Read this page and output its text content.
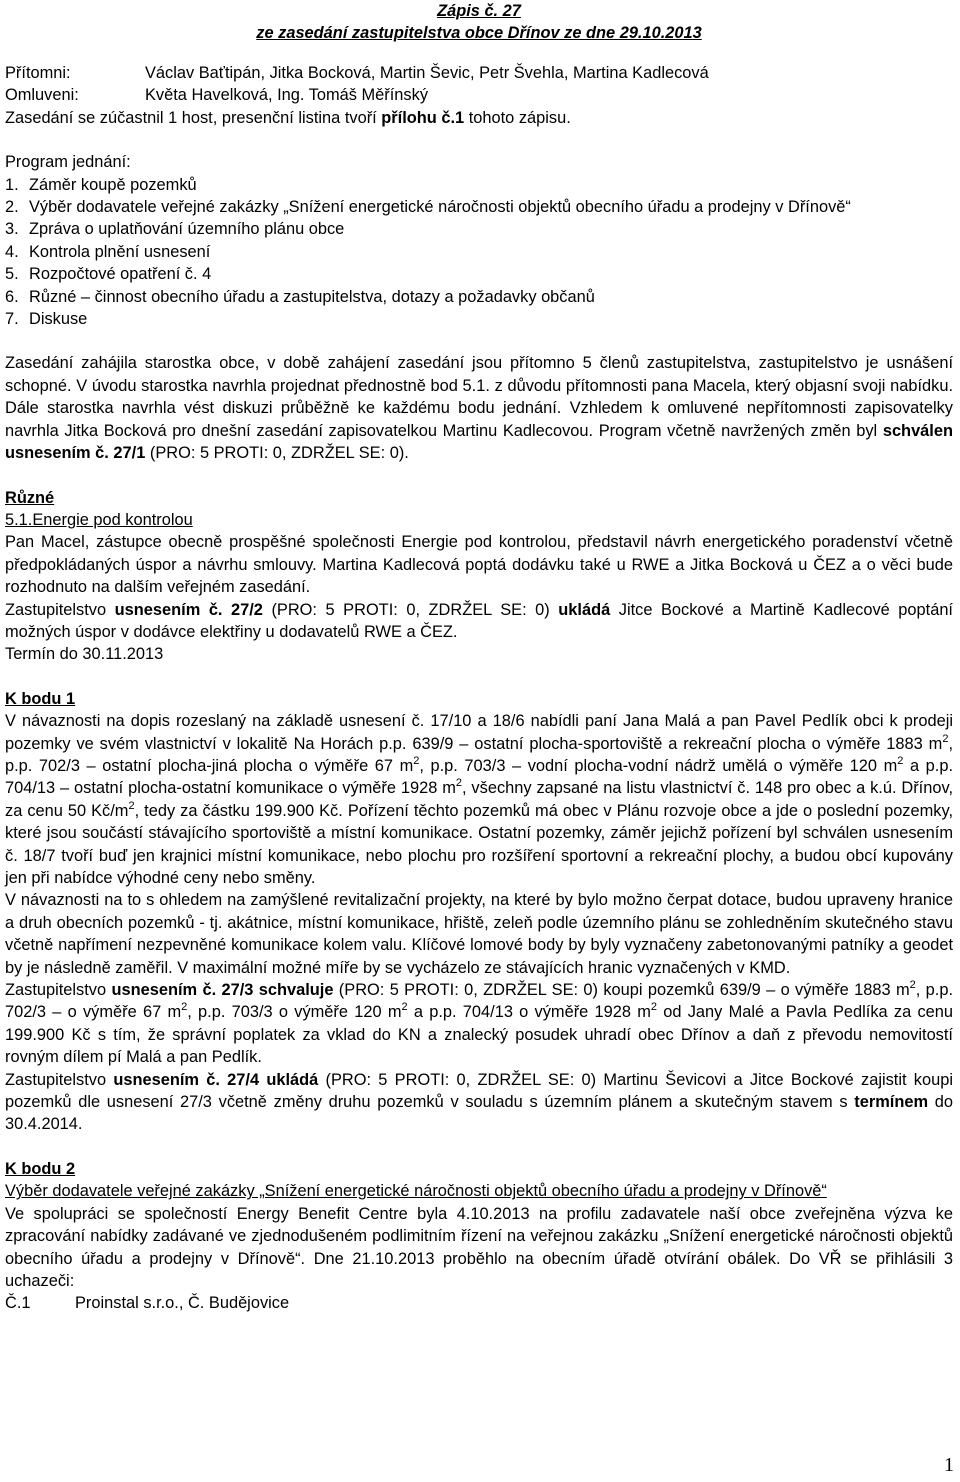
Zápis č. 27
ze zasedání zastupitelstva obce Dřínov ze dne 29.10.2013
Přítomni:	Václav Baťtipán, Jitka Bocková, Martin Ševic, Petr Švehla, Martina Kadlecová
Omluveni:	Květa Havelková, Ing. Tomáš Měřínský
Zasedání se zúčastnil 1 host, presenční listina tvoří přílohu č.1 tohoto zápisu.
Program jednání:
1. Záměr koupě pozemků
2. Výběr dodavatele veřejné zakázky „Snížení energetické náročnosti objektů obecního úřadu a prodejny v Dřínově“
3. Zpráva o uplatňování územního plánu obce
4. Kontrola plnění usnesení
5. Rozpočtové opatření č. 4
6. Různé – činnost obecního úřadu a zastupitelstva, dotazy a požadavky občanů
7. Diskuse
Zasedání zahájila starostka obce, v době zahájení zasedání jsou přítomno 5 členů zastupitelstva, zastupitelstvo je usnášení schopné. V úvodu starostka navrhla projednat přednostně bod 5.1. z důvodu přítomnosti pana Macela, který objasní svoji nabídku. Dále starostka navrhla vést diskuzi průběžně ke každému bodu jednání. Vzhledem k omluvené nepřítomnosti zapisovatelky navrhla Jitka Bocková pro dnešní zasedání zapisovatelkou Martinu Kadlecovou. Program včetně navržených změn byl schválen usnesením č. 27/1 (PRO: 5 PROTI: 0, ZDRŽEL SE: 0).
Různé
5.1.Energie pod kontrolou
Pan Macel, zástupce obecně prospěšné společnosti Energie pod kontrolou, představil návrh energetického poradenství včetně předpokládaných úspor a návrhu smlouvy. Martina Kadlecová poptá dodávku také u RWE a Jitka Bocková u ČEZ a o věci bude rozhodnuto na dalším veřejném zasedání.
Zastupitelstvo usnesením č. 27/2 (PRO: 5 PROTI: 0, ZDRŽEL SE: 0) ukládá Jitce Bockové a Martině Kadlecové poptání možných úspor v dodávce elektřiny u dodavatelů RWE a ČEZ.
Termín do 30.11.2013
K bodu 1
V návaznosti na dopis rozeslaný na základě usnesení č. 17/10 a 18/6 nabídli paní Jana Malá a pan Pavel Pedlík obci k prodeji pozemky ve svém vlastnictví v lokalitě Na Horách p.p. 639/9 – ostatní plocha-sportoviště a rekreační plocha o výměře 1883 $m^2$, p.p. 702/3 – ostatní plocha-jiná plocha o výměře 67 $m^2$, p.p. 703/3 – vodní plocha-vodní nádrž umělá o výměře 120 $m^2$ a p.p. 704/13 – ostatní plocha-ostatní komunikace o výměře 1928 $m^2$, všechny zapsané na listu vlastnictví č. 148 pro obec a k.ú. Dřínov, za cenu 50 $Kč/m^2$, tedy za částku 199.900 Kč. Pořízení těchto pozemků má obec v Plánu rozvoje obce a jde o poslední pozemky, které jsou součástí stávajícího sportoviště a místní komunikace. Ostatní pozemky, záměr jejichž pořízení byl schválen usnesením č. 18/7 tvoří buď jen krajnici místní komunikace, nebo plochu pro rozšíření sportovní a rekreační plochy, a budou obcí kupovány jen při nabídce výhodné ceny nebo směny.
V návaznosti na to s ohledem na zamýšlené revitalizační projekty, na které by bylo možno čerpat dotace, budou upraveny hranice a druh obecních pozemků - tj. akátnice, místní komunikace, hřiště, zeleň podle územního plánu se zohledněním skutečného stavu včetně napřímení nezpevněné komunikace kolem valu. Klíčové lomové body by byly vyznačeny zabetonovanými patníky a geodet by je následně zaměřil. V maximální možné míře by se vycházelo ze stávajících hranic vyznačených v KMD.
Zastupitelstvo usnesením č. 27/3 schvaluje (PRO: 5 PROTI: 0, ZDRŽEL SE: 0) koupi pozemků 639/9 – o výměře 1883 $m^2$, p.p. 702/3 – o výměře 67 $m^2$, p.p. 703/3 o výměře 120 $m^2$ a p.p. 704/13 o výměře 1928 $m^2$ od Jany Malé a Pavla Pedlíka za cenu 199.900 Kč s tím, že správní poplatek za vklad do KN a znalecký posudek uhradí obec Dřínov a daň z převodu nemovitostí rovným dílem pí Malá a pan Pedlík.
Zastupitelstvo usnesením č. 27/4 ukládá (PRO: 5 PROTI: 0, ZDRŽEL SE: 0) Martinu Ševicovi a Jitce Bockové zajistit koupi pozemků dle usnesení 27/3 včetně změny druhu pozemků v souladu s územním plánem a skutečným stavem s termínem do 30.4.2014.
K bodu 2
Výběr dodavatele veřejné zakázky „Snížení energetické náročnosti objektů obecního úřadu a prodejny v Dřínově“
Ve spolupráci se společností Energy Benefit Centre byla 4.10.2013 na profilu zadavatele naší obce zveřejněna výzva ke zpracování nabídky zadávané ve zjednodušeném podlimitním řízení na veřejnou zakázku „Snížení energetické náročnosti objektů obecního úřadu a prodejny v Dřínově“. Dne 21.10.2013 proběhlo na obecním úřadě otvírání obálek. Do VŘ se přihlásili 3 uchazeči:
Č.1	Proinstal s.r.o., Č. Budějovice
1
